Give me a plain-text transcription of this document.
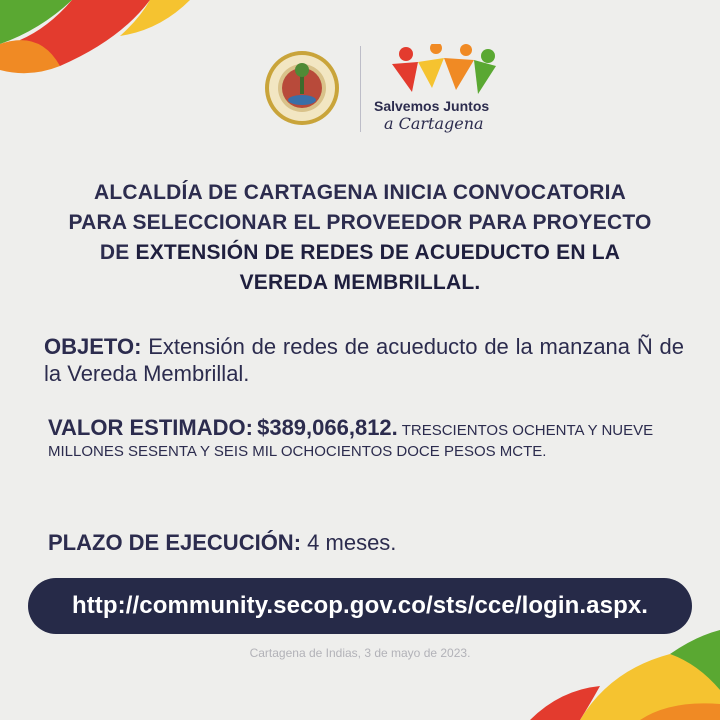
Salvemos Juntos
a Cartagena
ALCALDÍA DE CARTAGENA INICIA CONVOCATORIA
PARA SELECCIONAR EL PROVEEDOR PARA PROYECTO
DE EXTENSIÓN DE REDES DE ACUEDUCTO EN LA
VEREDA MEMBRILLAL.
OBJETO: Extensión de redes de acueducto de la manzana Ñ de la Vereda Membrillal.
VALOR ESTIMADO: $389,066,812. TRESCIENTOS OCHENTA Y NUEVE MILLONES SESENTA Y SEIS MIL OCHOCIENTOS DOCE PESOS MCTE.
PLAZO DE EJECUCIÓN: 4 meses.
http://community.secop.gov.co/sts/cce/login.aspx.
Cartagena de Indias, 3 de mayo de 2023.
